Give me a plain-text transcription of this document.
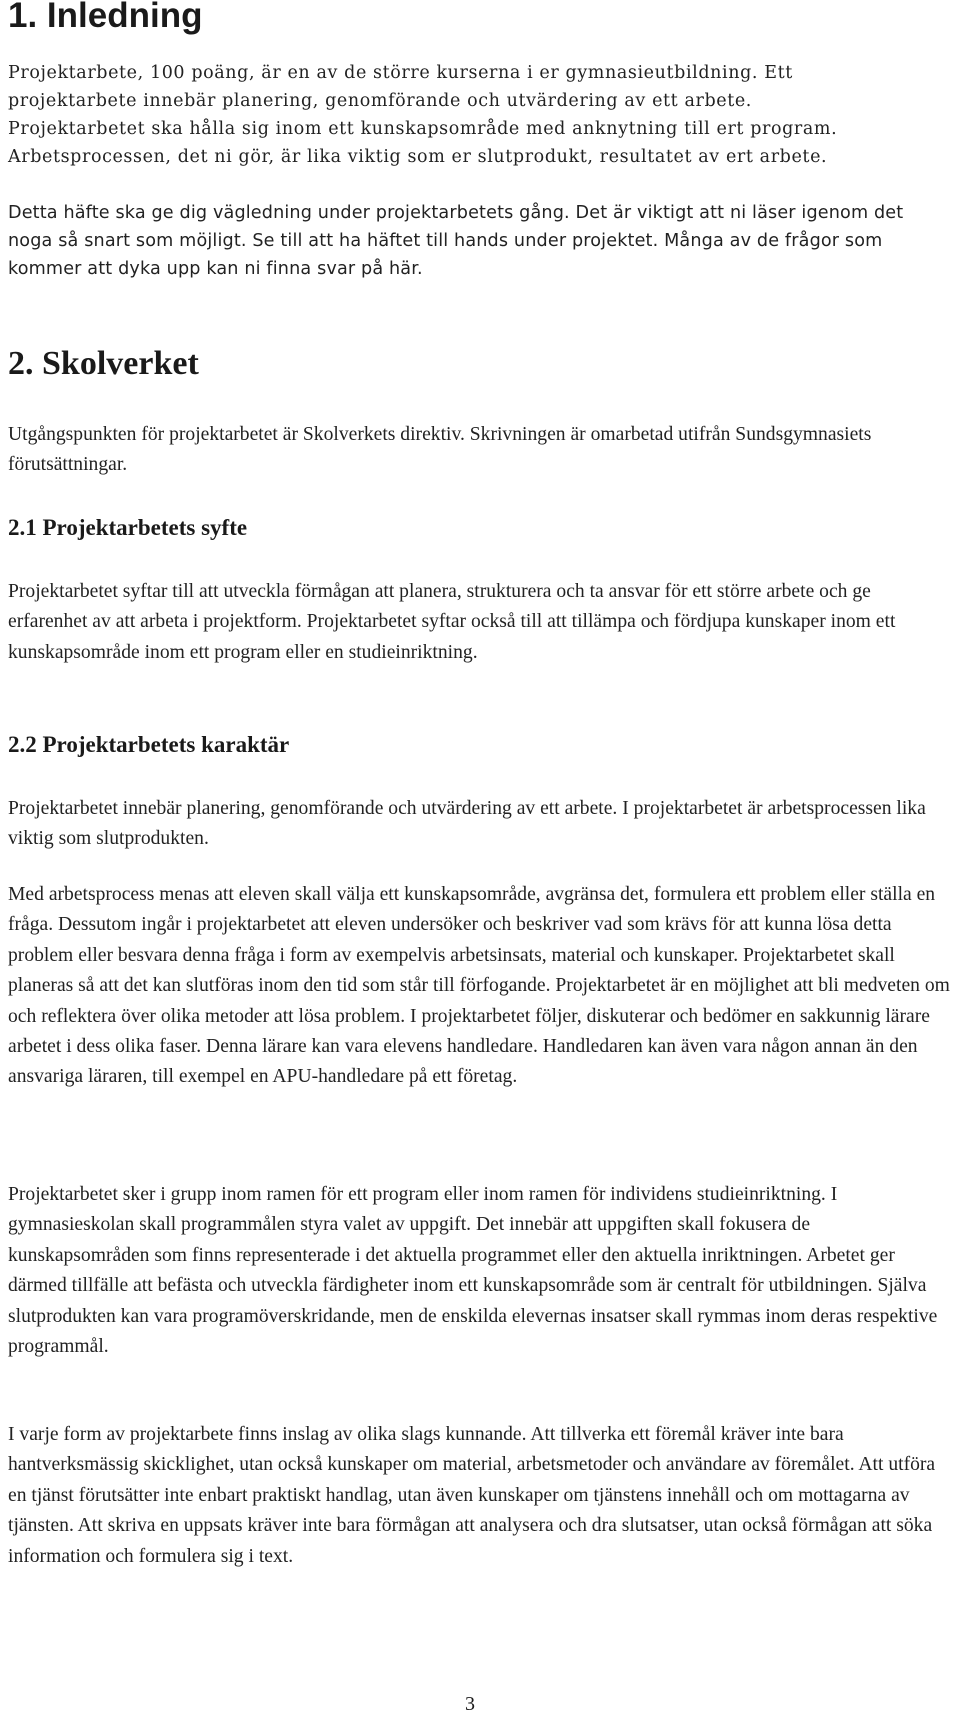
1. Inledning

Projektarbete, 100 poäng, är en av de större kurserna i er gymnasieutbildning. Ett projektarbete innebär planering, genomförande och utvärdering av ett arbete. Projektarbetet ska hålla sig inom ett kunskapsområde med anknytning till ert program. Arbetsprocessen, det ni gör, är lika viktig som er slutprodukt, resultatet av ert arbete.

Detta häfte ska ge dig vägledning under projektarbetets gång. Det är viktigt att ni läser igenom det noga så snart som möjligt. Se till att ha häftet till hands under projektet. Många av de frågor som kommer att dyka upp kan ni finna svar på här.

2. Skolverket

Utgångspunkten för projektarbetet är Skolverkets direktiv. Skrivningen är omarbetad utifrån Sundsgymnasiets förutsättningar.

2.1 Projektarbetets syfte

Projektarbetet syftar till att utveckla förmågan att planera, strukturera och ta ansvar för ett större arbete och ge erfarenhet av att arbeta i projektform. Projektarbetet syftar också till att tillämpa och fördjupa kunskaper inom ett kunskapsområde inom ett program eller en studieinriktning.

2.2 Projektarbetets karaktär

Projektarbetet innebär planering, genomförande och utvärdering av ett arbete. I projektarbetet är arbetsprocessen lika viktig som slutprodukten.

Med arbetsprocess menas att eleven skall välja ett kunskapsområde, avgränsa det, formulera ett problem eller ställa en fråga. Dessutom ingår i projektarbetet att eleven undersöker och beskriver vad som krävs för att kunna lösa detta problem eller besvara denna fråga i form av exempelvis arbetsinsats, material och kunskaper. Projektarbetet skall planeras så att det kan slutföras inom den tid som står till förfogande. Projektarbetet är en möjlighet att bli medveten om och reflektera över olika metoder att lösa problem. I projektarbetet följer, diskuterar och bedömer en sakkunnig lärare arbetet i dess olika faser. Denna lärare kan vara elevens handledare. Handledaren kan även vara någon annan än den ansvariga läraren, till exempel en APU-handledare på ett företag.

Projektarbetet sker i grupp inom ramen för ett program eller inom ramen för individens studieinriktning. I gymnasieskolan skall programmålen styra valet av uppgift. Det innebär att uppgiften skall fokusera de kunskapsområden som finns representerade i det aktuella programmet eller den aktuella inriktningen. Arbetet ger därmed tillfälle att befästa och utveckla färdigheter inom ett kunskapsområde som är centralt för utbildningen. Själva slutprodukten kan vara programöverskridande, men de enskilda elevernas insatser skall rymmas inom deras respektive programmål.

I varje form av projektarbete finns inslag av olika slags kunnande. Att tillverka ett föremål kräver inte bara hantverksmässig skicklighet, utan också kunskaper om material, arbetsmetoder och användare av föremålet. Att utföra en tjänst förutsätter inte enbart praktiskt handlag, utan även kunskaper om tjänstens innehåll och om mottagarna av tjänsten. Att skriva en uppsats kräver inte bara förmågan att analysera och dra slutsatser, utan också förmågan att söka information och formulera sig i text.

3
